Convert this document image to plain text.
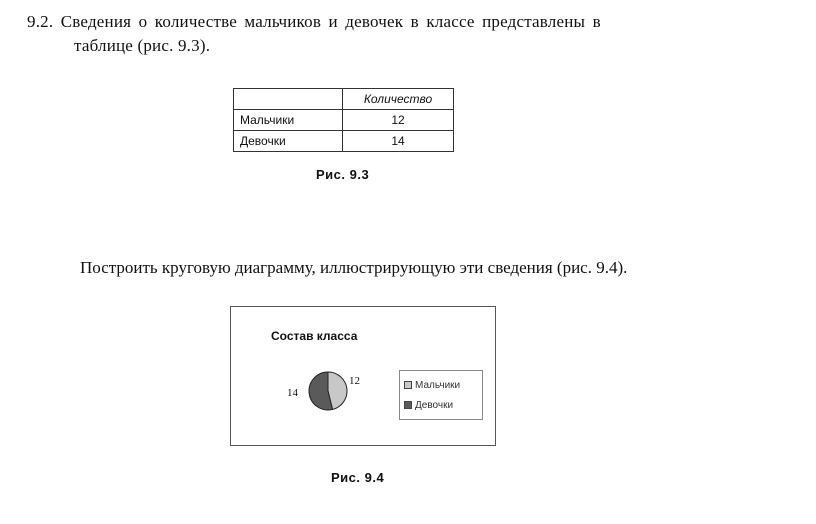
9.2. Сведения о количестве мальчиков и девочек в классе представлены в
таблице (рис. 9.3).
	Количество
Мальчики	12
Девочки	14
Рис. 9.3
Построить круговую диаграмму, иллюстрирующую эти сведения (рис. 9.4).
Состав класса
12
14
Мальчики
Девочки
Рис. 9.4
